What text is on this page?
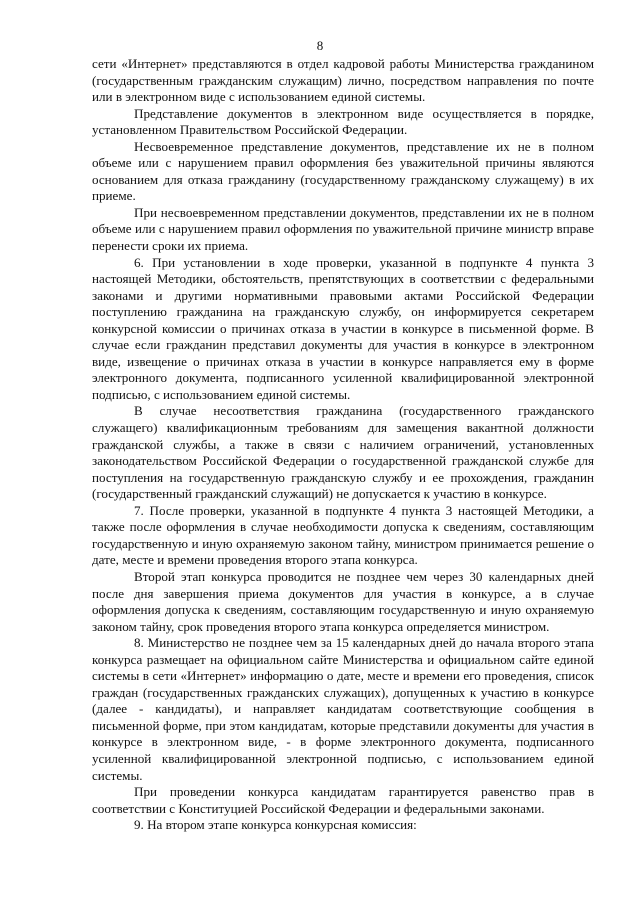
8

сети «Интернет» представляются в отдел кадровой работы Министерства гражданином (государственным гражданским служащим) лично, посредством направления по почте или в электронном виде с использованием единой системы.

Представление документов в электронном виде осуществляется в порядке, установленном Правительством Российской Федерации.

Несвоевременное представление документов, представление их не в полном объеме или с нарушением правил оформления без уважительной причины являются основанием для отказа гражданину (государственному гражданскому служащему) в их приеме.

При несвоевременном представлении документов, представлении их не в полном объеме или с нарушением правил оформления по уважительной причине министр вправе перенести сроки их приема.

6. При установлении в ходе проверки, указанной в подпункте 4 пункта 3 настоящей Методики, обстоятельств, препятствующих в соответствии с федеральными законами и другими нормативными правовыми актами Российской Федерации поступлению гражданина на гражданскую службу, он информируется секретарем конкурсной комиссии о причинах отказа в участии в конкурсе в письменной форме. В случае если гражданин представил документы для участия в конкурсе в электронном виде, извещение о причинах отказа в участии в конкурсе направляется ему в форме электронного документа, подписанного усиленной квалифицированной электронной подписью, с использованием единой системы.

В случае несоответствия гражданина (государственного гражданского служащего) квалификационным требованиям для замещения вакантной должности гражданской службы, а также в связи с наличием ограничений, установленных законодательством Российской Федерации о государственной гражданской службе для поступления на государственную гражданскую службу и ее прохождения, гражданин (государственный гражданский служащий) не допускается к участию в конкурсе.

7. После проверки, указанной в подпункте 4 пункта 3 настоящей Методики, а также после оформления в случае необходимости допуска к сведениям, составляющим государственную и иную охраняемую законом тайну, министром принимается решение о дате, месте и времени проведения второго этапа конкурса.

Второй этап конкурса проводится не позднее чем через 30 календарных дней после дня завершения приема документов для участия в конкурсе, а в случае оформления допуска к сведениям, составляющим государственную и иную охраняемую законом тайну, срок проведения второго этапа конкурса определяется министром.

8. Министерство не позднее чем за 15 календарных дней до начала второго этапа конкурса размещает на официальном сайте Министерства и официальном сайте единой системы в сети «Интернет» информацию о дате, месте и времени его проведения, список граждан (государственных гражданских служащих), допущенных к участию в конкурсе (далее - кандидаты), и направляет кандидатам соответствующие сообщения в письменной форме, при этом кандидатам, которые представили документы для участия в конкурсе в электронном виде, - в форме электронного документа, подписанного усиленной квалифицированной электронной подписью, с использованием единой системы.

При проведении конкурса кандидатам гарантируется равенство прав в соответствии с Конституцией Российской Федерации и федеральными законами.

9. На втором этапе конкурса конкурсная комиссия:
